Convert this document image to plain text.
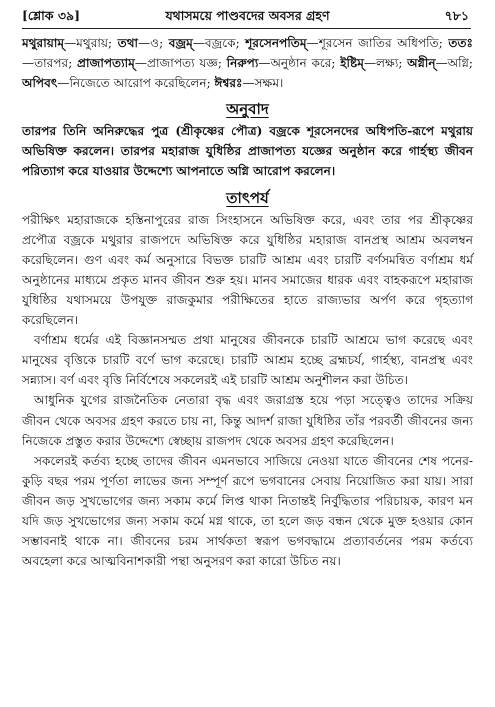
[শ্লোক ৩৯]	যথাসময়ে পাণ্ডবদের অবসর গ্রহণ	৭৮১

মথুরায়াম্—মথুরায়; তথা—ও; বজ্রম্—বজ্রকে; শূরসেনপতিম্—শূরসেন জাতির অধিপতি; ততঃ—তারপর; প্রাজাপত্যাম্—প্রাজাপত্য যজ্ঞ; নিরুপ্য—অনুষ্ঠান করে; ইষ্টিম্—লক্ষ্য; অগ্নীন্—অগ্নি; অপিবৎ—নিজেতে আরোপ করেছিলেন; ঈশ্বরঃ—সক্ষম।

অনুবাদ

তারপর তিনি অনিরুদ্ধের পুত্র (শ্রীকৃষ্ণের পৌত্র) বজ্রকে শূরসেনদের অধিপতি-রূপে মথুরায় অভিষিক্ত করলেন। তারপর মহারাজ যুধিষ্ঠির প্রাজাপত্য যজ্ঞের অনুষ্ঠান করে গার্হস্থ্য জীবন পরিত্যাগ করে যাওয়ার উদ্দেশ্যে আপনাতে অগ্নি আরোপ করলেন।

তাৎপর্য

পরীক্ষিৎ মহারাজকে হস্তিনাপুরের রাজ সিংহাসনে অভিষিক্ত করে, এবং তার পর শ্রীকৃষ্ণের প্রপৌত্র বজ্রকে মথুরার রাজপদে অভিষিক্ত করে যুধিষ্ঠির মহারাজ বানপ্রস্থ আশ্রম অবলম্বন করেছিলেন। গুণ এবং কর্ম অনুসারে বিভক্ত চারটি আশ্রম এবং চারটি বর্ণসমন্বিত বর্ণাশ্রম ধর্ম অনুষ্ঠানের মাধ্যমে প্রকৃত মানব জীবন শুরু হয়। মানব সমাজের ধারক এবং বাহকরূপে মহারাজ যুধিষ্ঠির যথাসময়ে উপযুক্ত রাজকুমার পরীক্ষিতের হাতে রাজ্যভার অর্পণ করে গৃহত্যাগ করেছিলেন।

বর্ণাশ্রম ধর্মের এই বিজ্ঞানসম্মত প্রথা মানুষের জীবনকে চারটি আশ্রমে ভাগ করেছে এবং মানুষের বৃত্তিকে চারটি বর্ণে ভাগ করেছে। চারটি আশ্রম হচ্ছে ব্রহ্মচর্য, গার্হস্থ্য, বানপ্রস্থ এবং সন্ন্যাস। বর্ণ এবং বৃত্তি নির্বিশেষে সকলেরই এই চারটি আশ্রম অনুশীলন করা উচিত।

আধুনিক যুগের রাজনৈতিক নেতারা বৃদ্ধ এবং জরাগ্রস্ত হয়ে পড়া সত্ত্বেও তাদের সক্রিয় জীবন থেকে অবসর গ্রহণ করতে চায় না, কিন্তু আদর্শ রাজা যুধিষ্ঠির তাঁর পরবর্তী জীবনের জন্য নিজেকে প্রস্তুত করার উদ্দেশ্যে স্বেচ্ছায় রাজপদ থেকে অবসর গ্রহণ করেছিলেন।

সকলেরই কর্তব্য হচ্ছে তাদের জীবন এমনভাবে সাজিয়ে নেওয়া যাতে জীবনের শেষ পনের-কুড়ি বছর পরম পূর্ণতা লাভের জন্য সম্পূর্ণ রূপে ভগবানের সেবায় নিয়োজিত করা যায়। সারা জীবন জড় সুখভোগের জন্য সকাম কর্মে লিপ্ত থাকা নিতান্তই নির্বুদ্ধিতার পরিচায়ক, কারণ মন যদি জড় সুখভোগের জন্য সকাম কর্মে মগ্ন থাকে, তা হলে জড় বন্ধন থেকে মুক্ত হওয়ার কোন সম্ভাবনাই থাকে না। জীবনের চরম সার্থকতা স্বরূপ ভগবদ্ধামে প্রত্যাবর্তনের পরম কর্তব্যে অবহেলা করে আত্মবিনাশকারী পন্থা অনুসরণ করা কারো উচিত নয়।
